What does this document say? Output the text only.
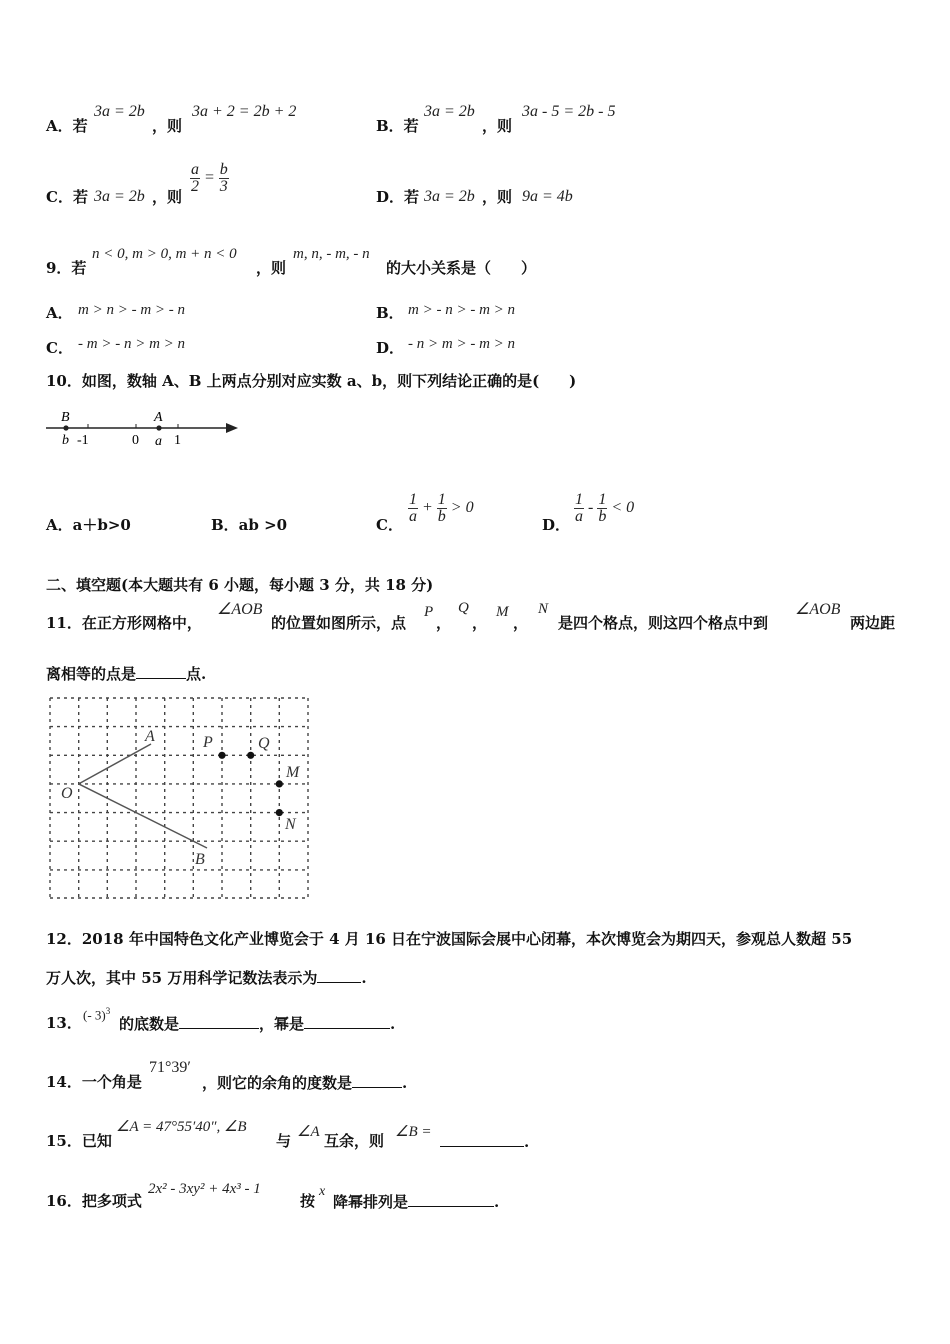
A．若
3a = 2b
，则
3a + 2 = 2b + 2
B．若
3a = 2b
，则
3a - 5 = 2b - 5
C．若 3a = 2b ，则
$\frac{a}{2} = \frac{b}{3}$
D．若 3a = 2b ，则 9a = 4b
9．若
n < 0, m > 0, m + n < 0
，则
m, n, - m, - n
的大小关系是（　　）
A． m > n > - m > - n	B． m > - n > - m > n
C． - m > - n > m > n	D． - n > m > - m > n
10．如图，数轴 A、B 上两点分别对应实数 a、b，则下列结论正确的是(　　)
B	A
b -1	0 a 1
A．a＋b>0	B．ab >0	C． $\frac{1}{a} + \frac{1}{b} > 0$
D． $\frac{1}{a} - \frac{1}{b} < 0$
二、填空题(本大题共有 6 小题，每小题 3 分，共 18 分)
11．在正方形网格中，
∠AOB
的位置如图所示，点
P
，
Q
，
M
，
N
是四个格点，则这四个格点中到
∠AOB
两边距
离相等的点是	点.
A
O
B
P	Q
M
N
12．2018 年中国特色文化产业博览会于 4 月 16 日在宁波国际会展中心闭幕，本次博览会为期四天，参观总人数超 55
万人次，其中 55 万用科学记数法表示为	.
13． (- 3)$^3$
的底数是	，幂是	.
14．一个角是
71°39′
，则它的余角的度数是	.
15．已知
∠A = 47°55′40″, ∠B
与 ∠A 互余，则 ∠B =
.
16．把多项式
2x² - 3xy² + 4x³ - 1
按
x
降幂排列是	.
